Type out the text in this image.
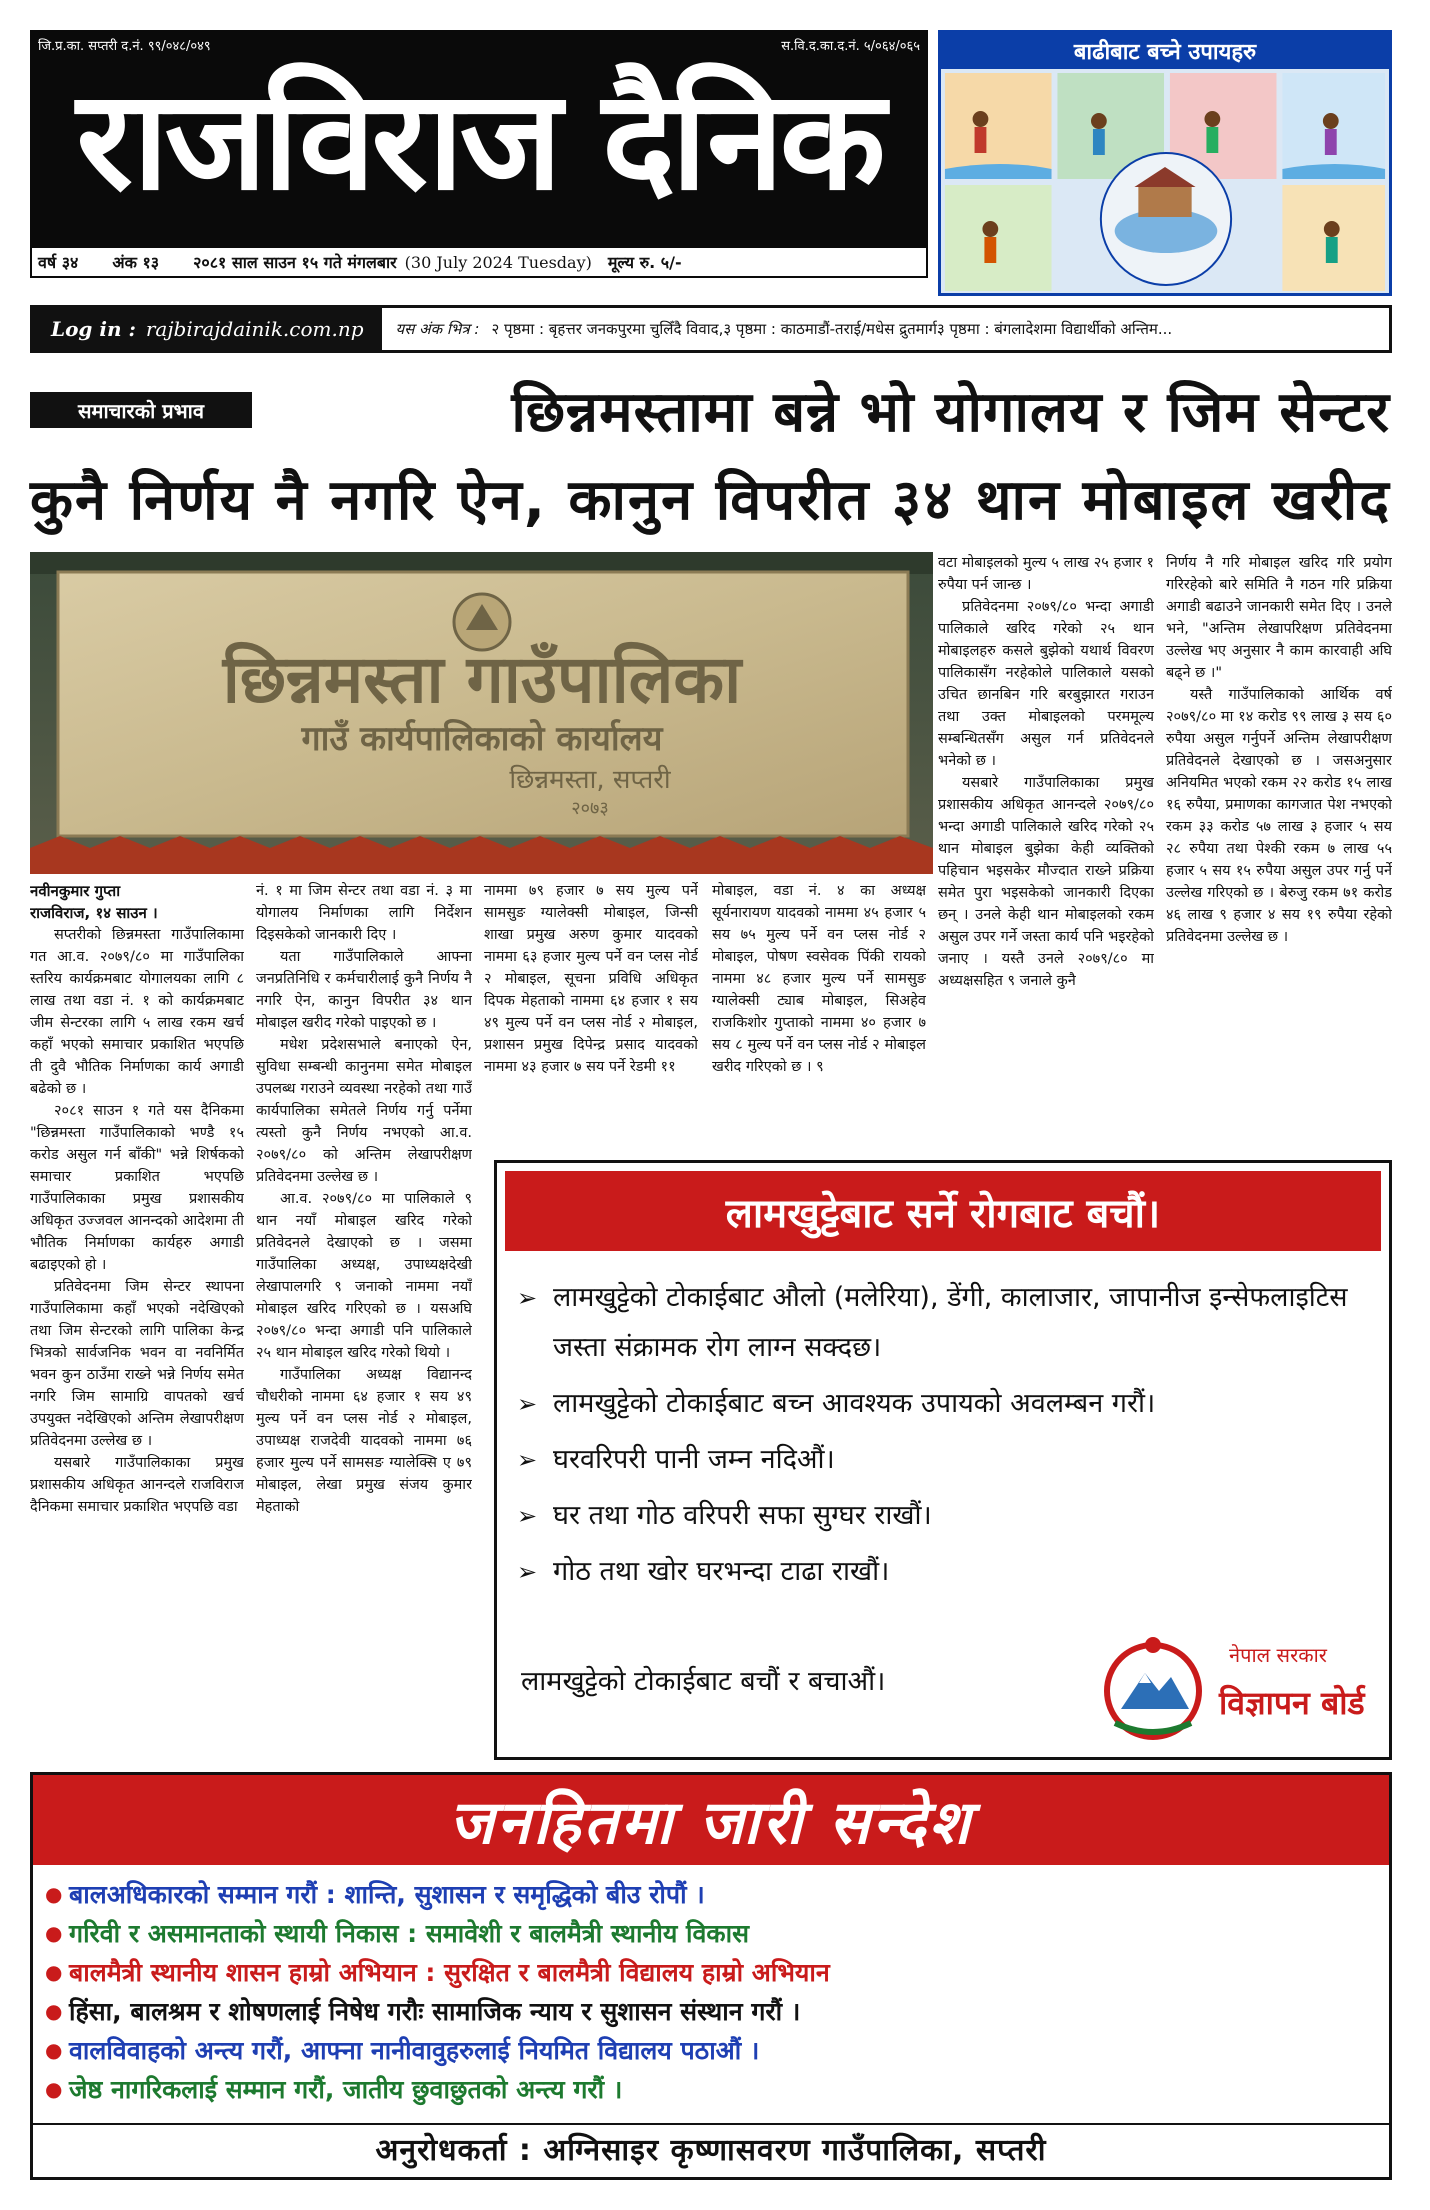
जि.प्र.का. सप्तरी द.नं. ९९/०४८/०४९	स.वि.द.का.द.नं. ५/०६४/०६५
राजविराज दैनिक
वर्ष ३४ अंक १३ २०८१ साल साउन १५ गते मंगलबार (30 July 2024 Tuesday) मूल्य रु. ५/-
बाढीबाट बच्ने उपायहरु
Log in : rajbirajdainik.com.np यस अंक भित्र : २ पृष्ठमा : बृहत्तर जनकपुरमा चुलिँदै विवाद,३ पृष्ठमा : काठमाडौं-तराई/मधेस द्रुतमार्ग३ पृष्ठमा : बंगलादेशमा विद्यार्थीको अन्तिम...
समाचारको प्रभाव	छिन्नमस्तामा बन्ने भो योगालय र जिम सेन्टर
कुनै निर्णय नै नगरि ऐन, कानुन विपरीत ३४ थान मोबाइल खरीद
छिन्नमस्ता गाउँपालिका
गाउँ कार्यपालिकाको कार्यालय
छिन्नमस्ता, सप्तरी
२०७३
नवीनकुमार गुप्ता
राजविराज, १४ साउन ।

सप्तरीको छिन्नमस्ता गाउँपालिकामा गत आ.व. २०७९/८० मा गाउँपालिका स्तरिय कार्यक्रमबाट योगालयका लागि ८ लाख तथा वडा नं. १ को कार्यक्रमबाट जीम सेन्टरका लागि ५ लाख रकम खर्च कहाँ भएको समाचार प्रकाशित भएपछि ती दुवै भौतिक निर्माणका कार्य अगाडी बढेको छ ।

२०८१ साउन १ गते यस दैनिकमा "छिन्नमस्ता गाउँपालिकाको भण्डै १५ करोड असुल गर्न बाँकी" भन्ने शिर्षकको समाचार प्रकाशित भएपछि गाउँपालिकाका प्रमुख प्रशासकीय अधिकृत उज्जवल आनन्दको आदेशमा ती भौतिक निर्माणका कार्यहरु अगाडी बढाइएको हो ।

प्रतिवेदनमा जिम सेन्टर स्थापना गाउँपालिकामा कहाँ भएको नदेखिएको तथा जिम सेन्टरको लागि पालिका केन्द्र भित्रको सार्वजनिक भवन वा नवनिर्मित भवन कुन ठाउँमा राख्ने भन्ने निर्णय समेत नगरि जिम सामाग्रि वापतको खर्च उपयुक्त नदेखिएको अन्तिम लेखापरीक्षण प्रतिवेदनमा उल्लेख छ ।

यसबारे गाउँपालिकाका प्रमुख प्रशासकीय अधिकृत आनन्दले राजविराज दैनिकमा समाचार प्रकाशित भएपछि वडा

नं. १ मा जिम सेन्टर तथा वडा नं. ३ मा योगालय निर्माणका लागि निर्देशन दिइसकेको जानकारी दिए ।

यता गाउँपालिकाले आफ्ना जनप्रतिनिधि र कर्मचारीलाई कुनै निर्णय नै नगरि ऐन, कानुन विपरीत ३४ थान मोबाइल खरीद गरेको पाइएको छ ।

मधेश प्रदेशसभाले बनाएको ऐन, सुविधा सम्बन्धी कानुनमा समेत मोबाइल उपलब्ध गराउने व्यवस्था नरहेको तथा गाउँ कार्यपालिका समेतले निर्णय गर्नु पर्नेमा त्यस्तो कुनै निर्णय नभएको आ.व. २०७९/८० को अन्तिम लेखापरीक्षण प्रतिवेदनमा उल्लेख छ ।

आ.व. २०७९/८० मा पालिकाले ९ थान नयाँ मोबाइल खरिद गरेको प्रतिवेदनले देखाएको छ । जसमा गाउँपालिका अध्यक्ष, उपाध्यक्षदेखी लेखापालगरि ९ जनाको नाममा नयाँ मोबाइल खरिद गरिएको छ । यसअघि २०७९/८० भन्दा अगाडी पनि पालिकाले २५ थान मोबाइल खरिद गरेको थियो ।

गाउँपालिका अध्यक्ष विद्यानन्द चौधरीको नाममा ६४ हजार १ सय ४९ मुल्य पर्ने वन प्लस नोर्ड २ मोबाइल, उपाध्यक्ष राजदेवी यादवको नाममा ७६ हजार मुल्य पर्ने सामसङ ग्यालेक्सि ए ७९ मोबाइल, लेखा प्रमुख संजय कुमार मेहताको

नाममा ७९ हजार ७ सय मुल्य पर्ने सामसुङ ग्यालेक्सी मोबाइल, जिन्सी शाखा प्रमुख अरुण कुमार यादवको नाममा ६३ हजार मुल्य पर्ने वन प्लस नोर्ड २ मोबाइल, सूचना प्रविधि अधिकृत दिपक मेहताको नाममा ६४ हजार १ सय ४९ मुल्य पर्ने वन प्लस नोर्ड २ मोबाइल, प्रशासन प्रमुख दिपेन्द्र प्रसाद यादवको नाममा ४३ हजार ७ सय पर्ने रेडमी ११

मोबाइल, वडा नं. ४ का अध्यक्ष सूर्यनारायण यादवको नाममा ४५ हजार ५ सय ७५ मुल्य पर्ने वन प्लस नोर्ड २ मोबाइल, पोषण स्वसेवक पिंकी रायको नाममा ४८ हजार मुल्य पर्ने सामसुङ ग्यालेक्सी ट्याब मोबाइल, सिअहेव राजकिशोर गुप्ताको नाममा ४० हजार ७ सय ८ मुल्य पर्ने वन प्लस नोर्ड २ मोबाइल खरीद गरिएको छ । ९

वटा मोबाइलको मुल्य ५ लाख २५ हजार १ रुपैया पर्न जान्छ ।

प्रतिवेदनमा २०७९/८० भन्दा अगाडी पालिकाले खरिद गरेको २५ थान मोबाइलहरु कसले बुझेको यथार्थ विवरण पालिकासँग नरहेकोले पालिकाले यसको उचित छानबिन गरि बरबुझारत गराउन तथा उक्त मोबाइलको परममूल्य सम्बन्धितसँग असुल गर्न प्रतिवेदनले भनेको छ ।

यसबारे गाउँपालिकाका प्रमुख प्रशासकीय अधिकृत आनन्दले २०७९/८० भन्दा अगाडी पालिकाले खरिद गरेको २५ थान मोबाइल बुझेका केही व्यक्तिको पहिचान भइसकेर मौज्दात राख्ने प्रक्रिया समेत पुरा भइसकेको जानकारी दिएका छन् । उनले केही थान मोबाइलको रकम असुल उपर गर्ने जस्ता कार्य पनि भइरहेको जनाए । यस्तै उनले २०७९/८० मा अध्यक्षसहित ९ जनाले कुनै

निर्णय नै गरि मोबाइल खरिद गरि प्रयोग गरिरहेको बारे समिति नै गठन गरि प्रक्रिया अगाडी बढाउने जानकारी समेत दिए । उनले भने, "अन्तिम लेखापरिक्षण प्रतिवेदनमा उल्लेख भए अनुसार नै काम कारवाही अघि बढ्ने छ ।"

यस्तै गाउँपालिकाको आर्थिक वर्ष २०७९/८० मा १४ करोड ९९ लाख ३ सय ६० रुपैया असुल गर्नुपर्ने अन्तिम लेखापरीक्षण प्रतिवेदनले देखाएको छ । जसअनुसार अनियमित भएको रकम २२ करोड १५ लाख १६ रुपैया, प्रमाणका कागजात पेश नभएको रकम ३३ करोड ५७ लाख ३ हजार ५ सय २८ रुपैया तथा पेश्की रकम ७ लाख ५५ हजार ५ सय १५ रुपैया असुल उपर गर्नु पर्ने उल्लेख गरिएको छ । बेरुजु रकम ७१ करोड ४६ लाख ९ हजार ४ सय १९ रुपैया रहेको प्रतिवेदनमा उल्लेख छ ।

लामखुट्टेबाट सर्ने रोगबाट बचौं।
➢ लामखुट्टेको टोकाईबाट औलो (मलेरिया), डेंगी, कालाजार, जापानीज इन्सेफलाइटिस जस्ता संक्रामक रोग लाग्न सक्दछ।
➢ लामखुट्टेको टोकाईबाट बच्न आवश्यक उपायको अवलम्बन गरौं।
➢ घरवरिपरी पानी जम्न नदिऔं।
➢ घर तथा गोठ वरिपरी सफा सुग्घर राखौं।
➢ गोठ तथा खोर घरभन्दा टाढा राखौं।
लामखुट्टेको टोकाईबाट बचौं र बचाऔं।
नेपाल सरकार
विज्ञापन बोर्ड
जनहितमा जारी सन्देश
● बालअधिकारको सम्मान गरौं : शान्ति, सुशासन र समृद्धिको बीउ रोपौं ।
● गरिवी र असमानताको स्थायी निकास : समावेशी र बालमैत्री स्थानीय विकास
● बालमैत्री स्थानीय शासन हाम्रो अभियान : सुरक्षित र बालमैत्री विद्यालय हाम्रो अभियान
● हिंसा, बालश्रम र शोषणलाई निषेध गरौः सामाजिक न्याय र सुशासन संस्थान गरौं ।
● वालविवाहको अन्त्य गरौं, आफ्ना नानीवावुहरुलाई नियमित विद्यालय पठाऔं ।
● जेष्ठ नागरिकलाई सम्मान गरौं, जातीय छुवाछुतको अन्त्य गरौं ।
अनुरोधकर्ता : अग्निसाइर कृष्णासवरण गाउँपालिका, सप्तरी
